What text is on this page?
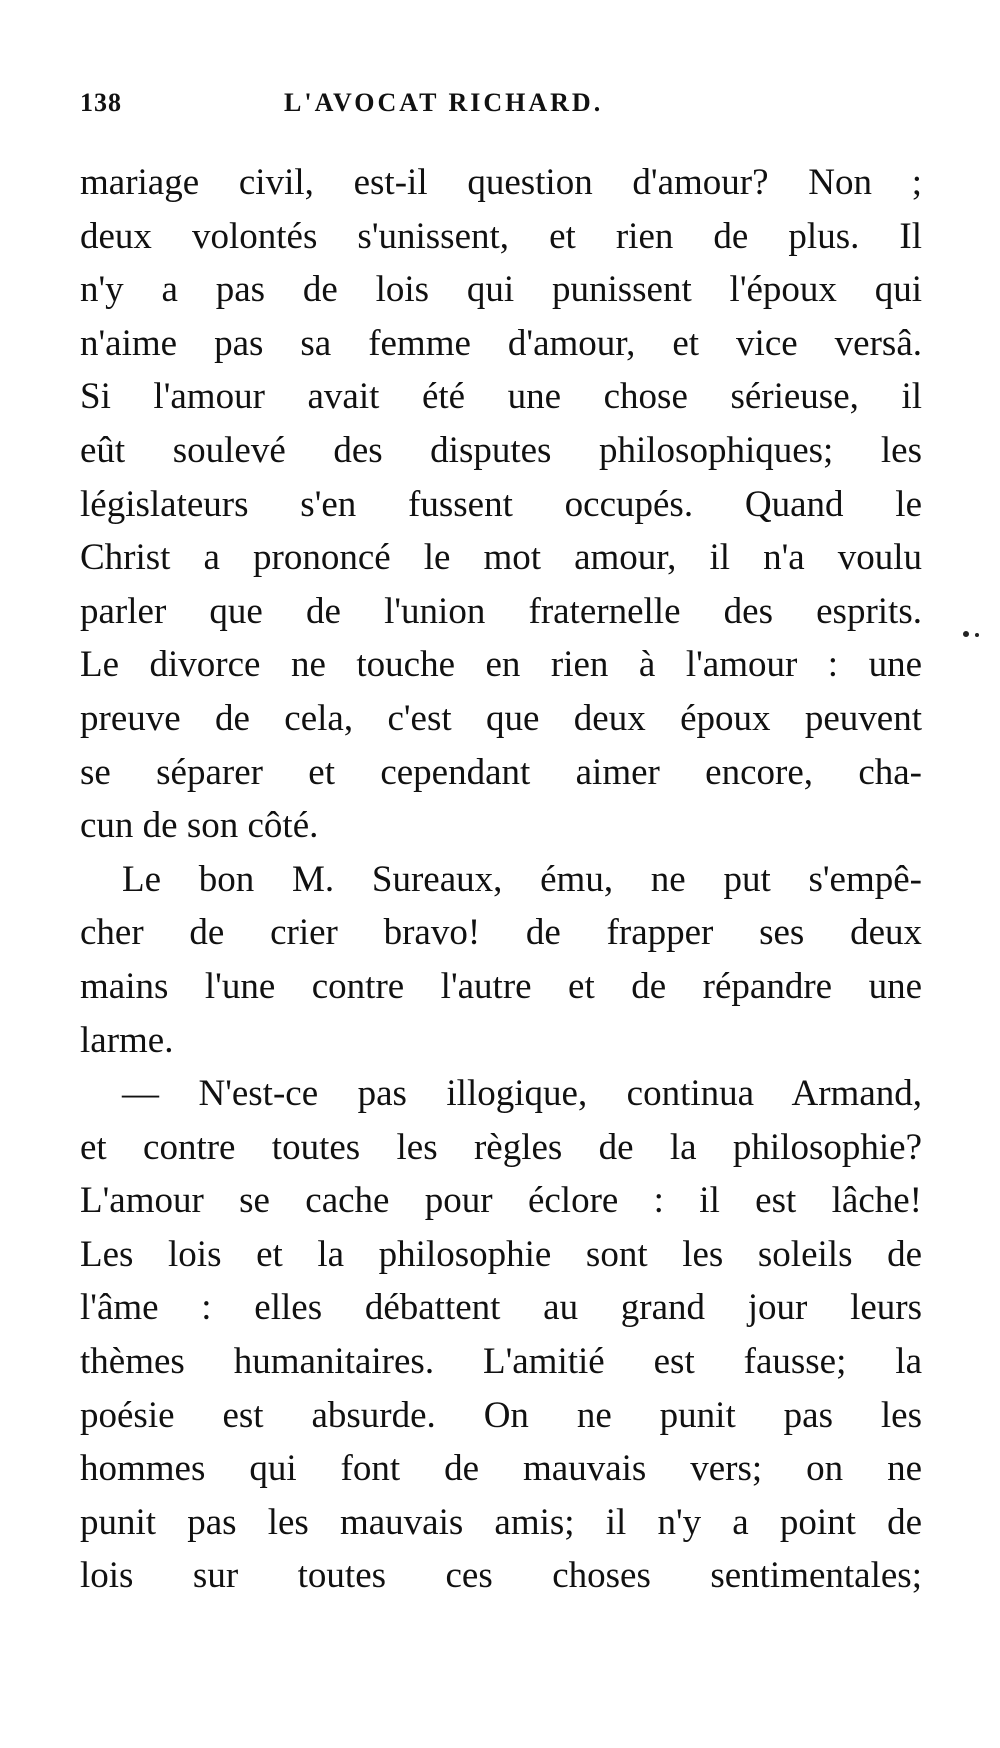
138	L'AVOCAT RICHARD.
mariage civil, est-il question d'amour? Non ;
deux volontés s'unissent, et rien de plus. Il
n'y a pas de lois qui punissent l'époux qui
n'aime pas sa femme d'amour, et vice versâ.
Si l'amour avait été une chose sérieuse, il
eût soulevé des disputes philosophiques; les
législateurs s'en fussent occupés. Quand le
Christ a prononcé le mot amour, il n'a voulu
parler que de l'union fraternelle des esprits.
Le divorce ne touche en rien à l'amour : une
preuve de cela, c'est que deux époux peuvent
se séparer et cependant aimer encore, cha-
cun de son côté.
Le bon M. Sureaux, ému, ne put s'empê-
cher de crier bravo! de frapper ses deux
mains l'une contre l'autre et de répandre une
larme.
— N'est-ce pas illogique, continua Armand,
et contre toutes les règles de la philosophie?
L'amour se cache pour éclore : il est lâche!
Les lois et la philosophie sont les soleils de
l'âme : elles débattent au grand jour leurs
thèmes humanitaires. L'amitié est fausse; la
poésie est absurde. On ne punit pas les
hommes qui font de mauvais vers; on ne
punit pas les mauvais amis; il n'y a point de
lois sur toutes ces choses sentimentales;
